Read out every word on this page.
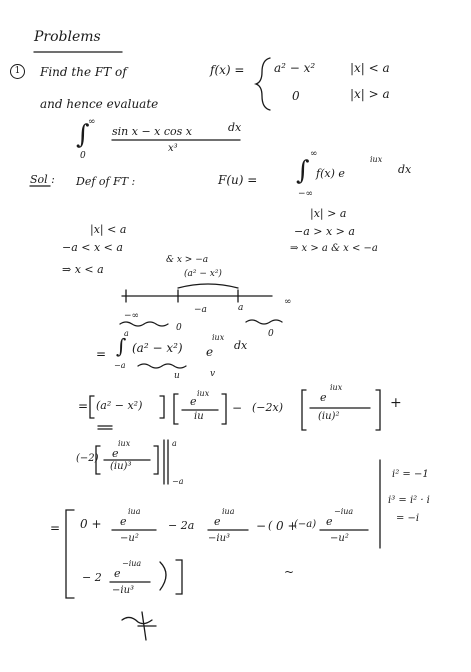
Problems
1	Find the FT of	f(x) = a² − x²	|x| < a
0	|x| > a
and hence evaluate
∞
∫
0
sin x − x cos x
x³
dx
Sol : Def of FT :	F(u) =
∞
∫
−∞
f(x) e
iux
dx
|x| > a
−a > x > a
⇒ x > a & x < −a
|x| < a
−a < x < a
⇒ x < a
& x > −a
(a² − x²)
−a	a
∞
−∞
0
0
=
a
∫
−a
(a² − x²) e
iux
dx
u	v
= (a² − x²)	e
iux
iu
− (−2x)
e
iux
(iu)²
+
(−2) e
iux
(iu)³
a
−a
i² = −1
i³ = i² · i
= −i
= 0 + e
iua
−u²
− 2a e
iua
−iu³
− ( 0 +
(−a) e
−iua
−u²
− 2 e
−iua
−iu³
~
